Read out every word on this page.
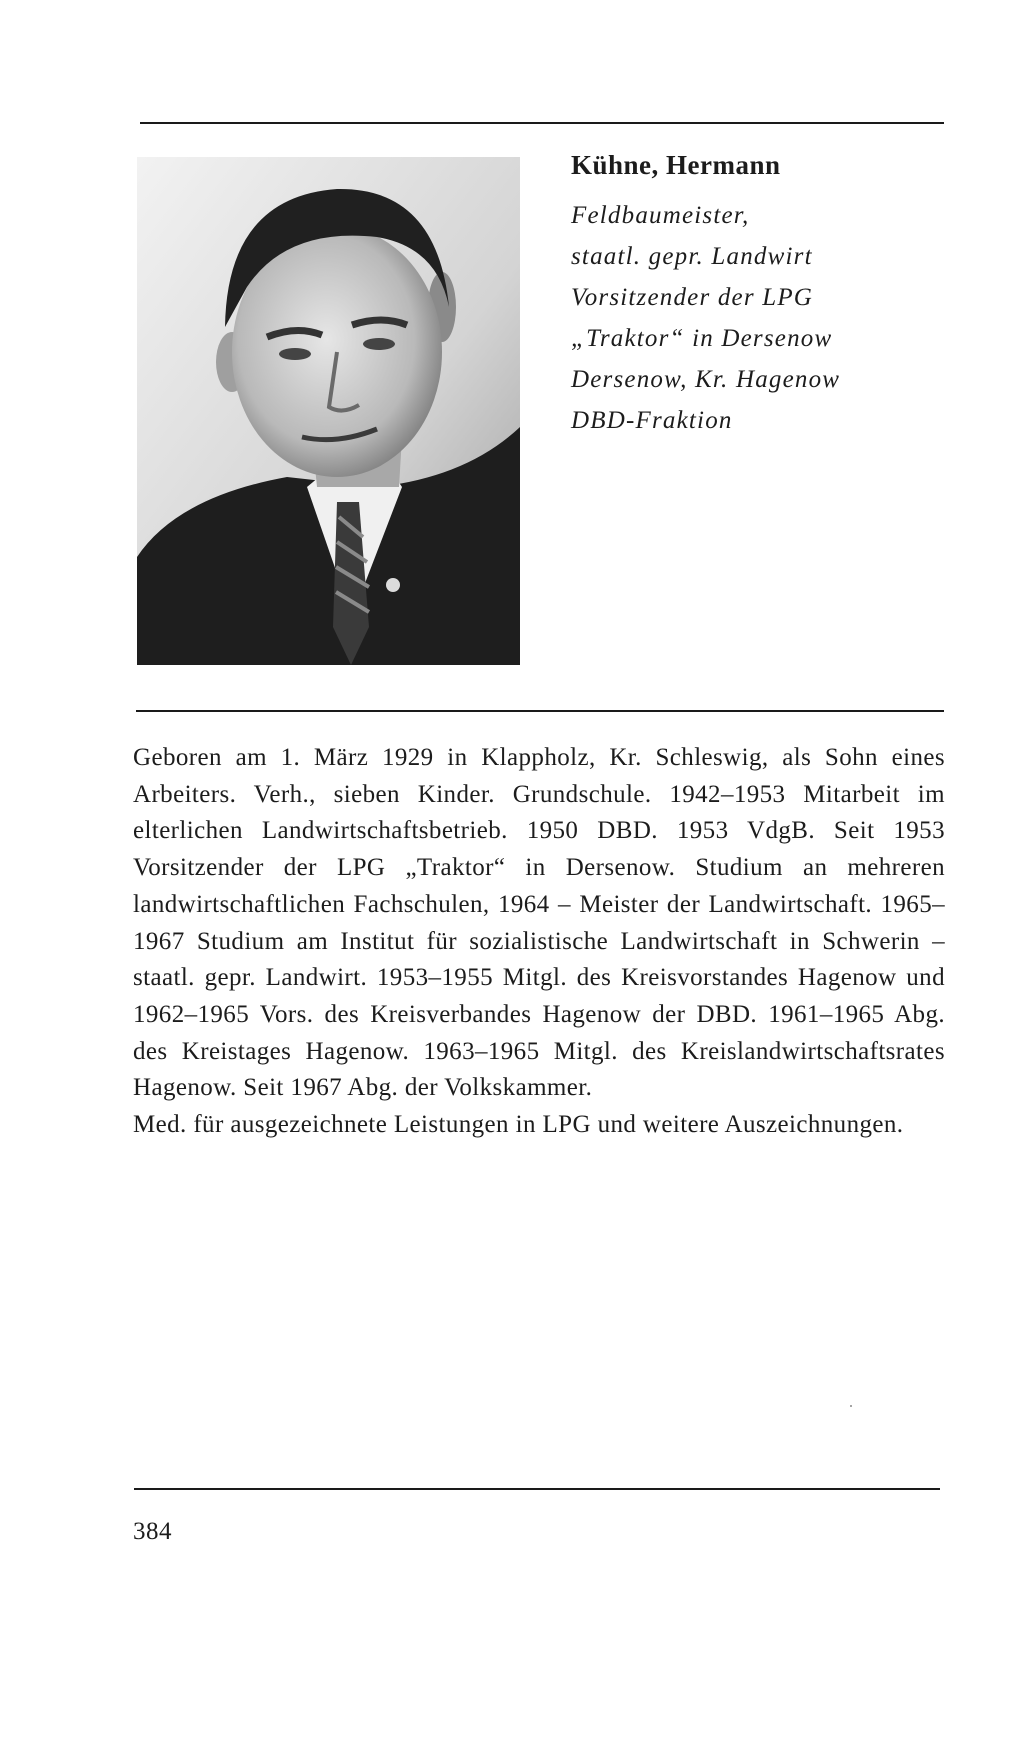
Kühne, Hermann
Feldbaumeister,
staatl. gepr. Landwirt
Vorsitzender der LPG
„Traktor“ in Dersenow
Dersenow, Kr. Hagenow
DBD-Fraktion

Geboren am 1. März 1929 in Klappholz, Kr. Schleswig, als Sohn eines Arbeiters. Verh., sieben Kinder. Grundschule. 1942–1953 Mitarbeit im elterlichen Landwirtschaftsbetrieb. 1950 DBD. 1953 VdgB. Seit 1953 Vorsitzender der LPG „Traktor“ in Dersenow. Studium an mehreren landwirtschaftlichen Fachschulen, 1964 – Meister der Landwirtschaft. 1965–1967 Studium am Institut für sozialistische Landwirtschaft in Schwerin – staatl. gepr. Landwirt. 1953–1955 Mitgl. des Kreisvorstandes Hagenow und 1962–1965 Vors. des Kreisverbandes Hagenow der DBD. 1961–1965 Abg. des Kreistages Hagenow. 1963–1965 Mitgl. des Kreislandwirtschaftsrates Hagenow. Seit 1967 Abg. der Volkskammer.

Med. für ausgezeichnete Leistungen in LPG und weitere Auszeichnungen.

384
